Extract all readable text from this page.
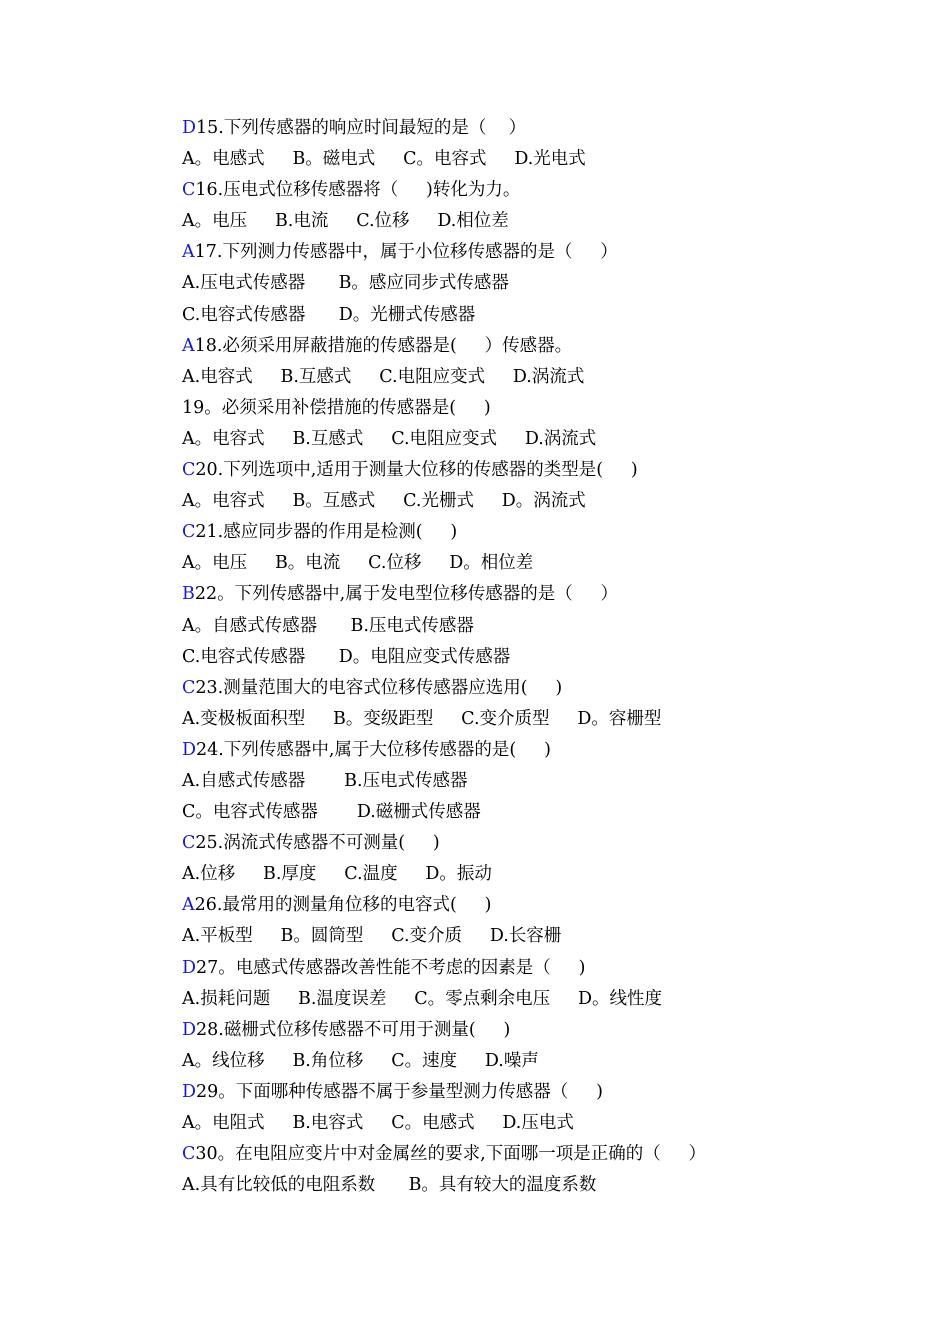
D15.下列传感器的响应时间最短的是（    ）
A。电感式     B。磁电式     C。电容式     D.光电式
C16.压电式位移传感器将（     )转化为力。
A。电压     B.电流     C.位移     D.相位差
A17.下列测力传感器中，属于小位移传感器的是（     ）
A.压电式传感器      B。感应同步式传感器
C.电容式传感器      D。光栅式传感器
A18.必须采用屏蔽措施的传感器是(     ）传感器。
A.电容式     B.互感式     C.电阻应变式     D.涡流式
19。必须采用补偿措施的传感器是(     )
A。电容式     B.互感式     C.电阻应变式     D.涡流式
C20.下列选项中,适用于测量大位移的传感器的类型是(     )
A。电容式     B。互感式     C.光栅式     D。涡流式
C21.感应同步器的作用是检测(     )
A。电压     B。电流     C.位移     D。相位差
B22。下列传感器中,属于发电型位移传感器的是（     ）
A。自感式传感器      B.压电式传感器
C.电容式传感器      D。电阻应变式传感器
C23.测量范围大的电容式位移传感器应选用(     )
A.变极板面积型     B。变级距型     C.变介质型     D。容栅型
D24.下列传感器中,属于大位移传感器的是(     )
A.自感式传感器       B.压电式传感器
C。电容式传感器       D.磁栅式传感器
C25.涡流式传感器不可测量(     )
A.位移     B.厚度     C.温度     D。振动
A26.最常用的测量角位移的电容式(     )
A.平板型     B。圆筒型     C.变介质     D.长容栅
D27。电感式传感器改善性能不考虑的因素是（     )
A.损耗问题     B.温度误差     C。零点剩余电压     D。线性度
D28.磁栅式位移传感器不可用于测量(     )
A。线位移     B.角位移     C。速度     D.噪声
D29。下面哪种传感器不属于参量型测力传感器（     )
A。电阻式     B.电容式     C。电感式     D.压电式
C30。在电阻应变片中对金属丝的要求,下面哪一项是正确的（     ）
A.具有比较低的电阻系数      B。具有较大的温度系数
